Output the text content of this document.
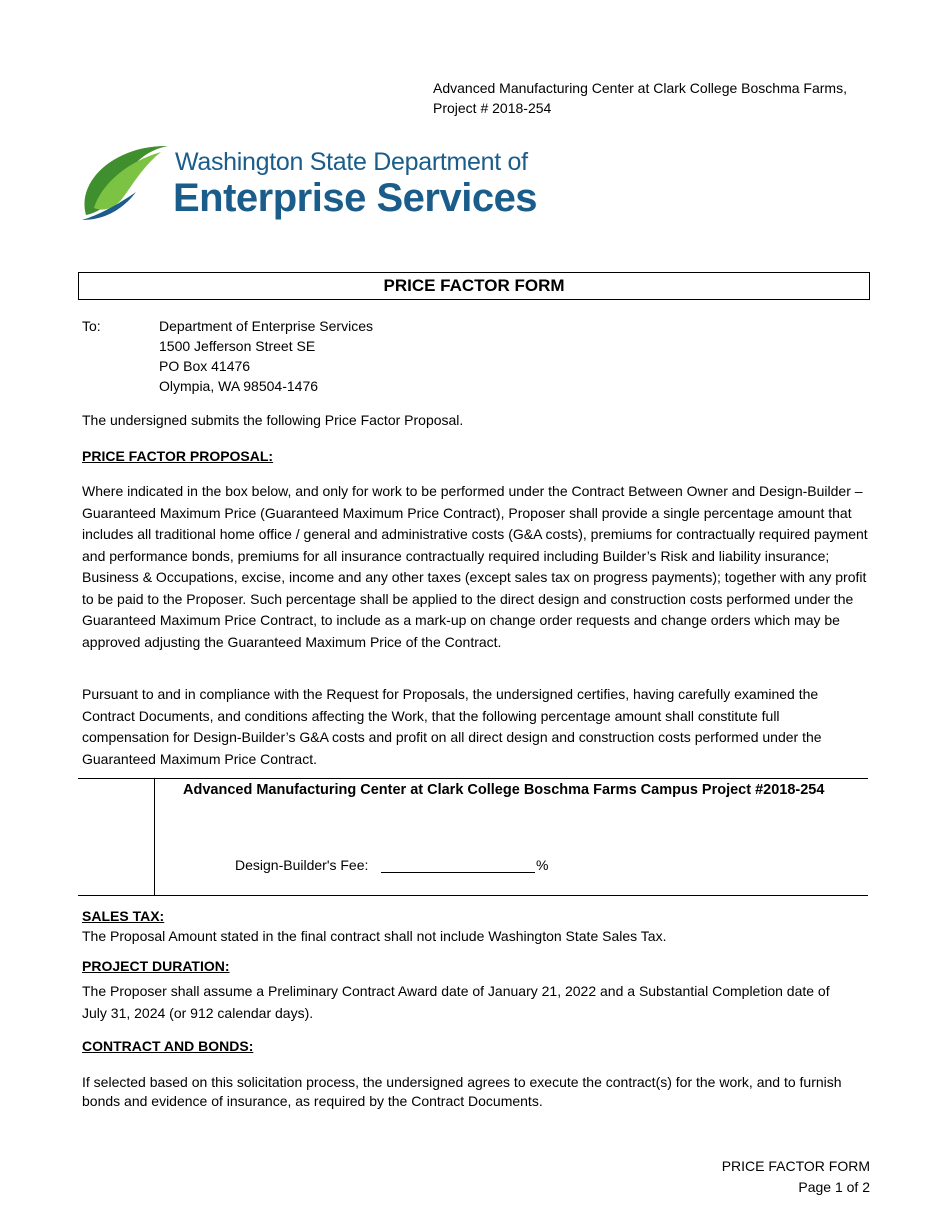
Advanced Manufacturing Center at Clark College Boschma Farms,
Project # 2018-254
Washington State Department of
Enterprise Services
PRICE FACTOR FORM
To:	Department of Enterprise Services
1500 Jefferson Street SE
PO Box 41476
Olympia, WA 98504-1476
The undersigned submits the following Price Factor Proposal.
PRICE FACTOR PROPOSAL:
Where indicated in the box below, and only for work to be performed under the Contract Between Owner and Design-Builder – Guaranteed Maximum Price (Guaranteed Maximum Price Contract), Proposer shall provide a single percentage amount that includes all traditional home office / general and administrative costs (G&A costs), premiums for contractually required payment and performance bonds, premiums for all insurance contractually required including Builder’s Risk and liability insurance; Business & Occupations, excise, income and any other taxes (except sales tax on progress payments); together with any profit to be paid to the Proposer. Such percentage shall be applied to the direct design and construction costs performed under the Guaranteed Maximum Price Contract, to include as a mark-up on change order requests and change orders which may be approved adjusting the Guaranteed Maximum Price of the Contract.
Pursuant to and in compliance with the Request for Proposals, the undersigned certifies, having carefully examined the Contract Documents, and conditions affecting the Work, that the following percentage amount shall constitute full compensation for Design-Builder’s G&A costs and profit on all direct design and construction costs performed under the Guaranteed Maximum Price Contract.
Advanced Manufacturing Center at Clark College Boschma Farms Campus Project #2018-254
Design-Builder's Fee:	%
SALES TAX:
The Proposal Amount stated in the final contract shall not include Washington State Sales Tax.
PROJECT DURATION:
The Proposer shall assume a Preliminary Contract Award date of January 21, 2022 and a Substantial Completion date of July 31, 2024 (or 912 calendar days).
CONTRACT AND BONDS:
If selected based on this solicitation process, the undersigned agrees to execute the contract(s) for the work, and to furnish bonds and evidence of insurance, as required by the Contract Documents.
PRICE FACTOR FORM
Page 1 of 2
